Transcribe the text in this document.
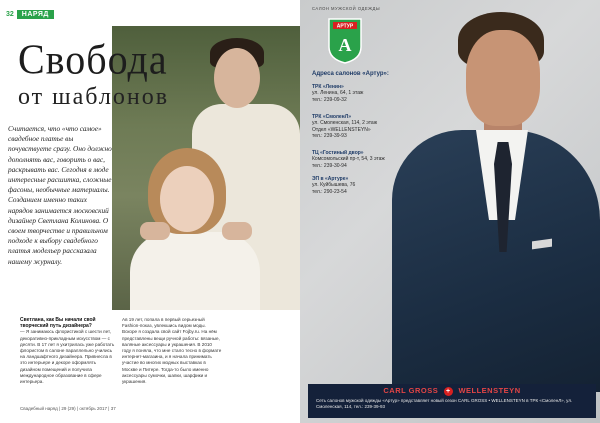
32	НАРЯД
Свобода
от шаблонов

Считается, что «что самое» свадебное платье вы почувствуете сразу. Оно должно дополнять вас, говорить о вас, раскрывать вас. Сегодня в моде интересные расшитка, сложные фасоны, необычные материалы. Созданием именно таких нарядов занимается московский дизайнер Светлана Колинова. О своем творчестве и правильном подходе к выбору свадебного платья модельер рассказала нашему журналу.

Светлана, как Вы начали свой творческий путь дизайнера?
— Я занимаюсь флористикой с шести лет, декоративно-прикладным искусством — с десяти. В 17 лет я ухитрилась уже работать флористом в салоне параллельно учились на ландшафтного дизайнера. Привнесла в это интерьере и декоре оформлять дизайном помещений и получила международное образование в сфере интерьера.
Ав 19 лет, попала в первый серьезный Fashion-показ, увлекшись видом моды. Вскоре я создала свой сайт Fojby.ru. На нём представлены вещи ручной работы: вязаные, валяные аксессуары и украшения. В 2010 году я поняла, что мне стало тесно в формате интернет-магазина, и я начала принимать участие во многих модных выставках в Москве и Питере. Тогда-то было именно аксессуары сумочки, шапки, шарфики и украшения.
Свадебный наряд | 29 (29) | октябрь 2017 | 37
САЛОН МУЖСКОЙ ОДЕЖДЫ
АРТУР
А
Адреса салонов «Артур»:
ТРК «Ленин»
ул. Ленина, 64, 1 этаж
тел.: 239-09-32
ТРК «СмоленЛ»
ул. Смоленская, 114, 2 этаж
Отдел «WELLENSTEYN»
тел.: 239-39-93
ТЦ «Гостиный двор»
Комсомольский пр-т, 54, 3 этаж
тел.: 239-30-94
ЭП в «Артуре»
ул. Куйбышева, 76
тел.: 290-23-54
CARL GROSS + WELLENSTEYN
Сеть салонов мужской одежды «Артур» представляет новый сезон CARL GROSS • WELLENSTEYN в ТРК «СмоленЛ», ул. Смоленская, 114, тел.: 239-39-93
